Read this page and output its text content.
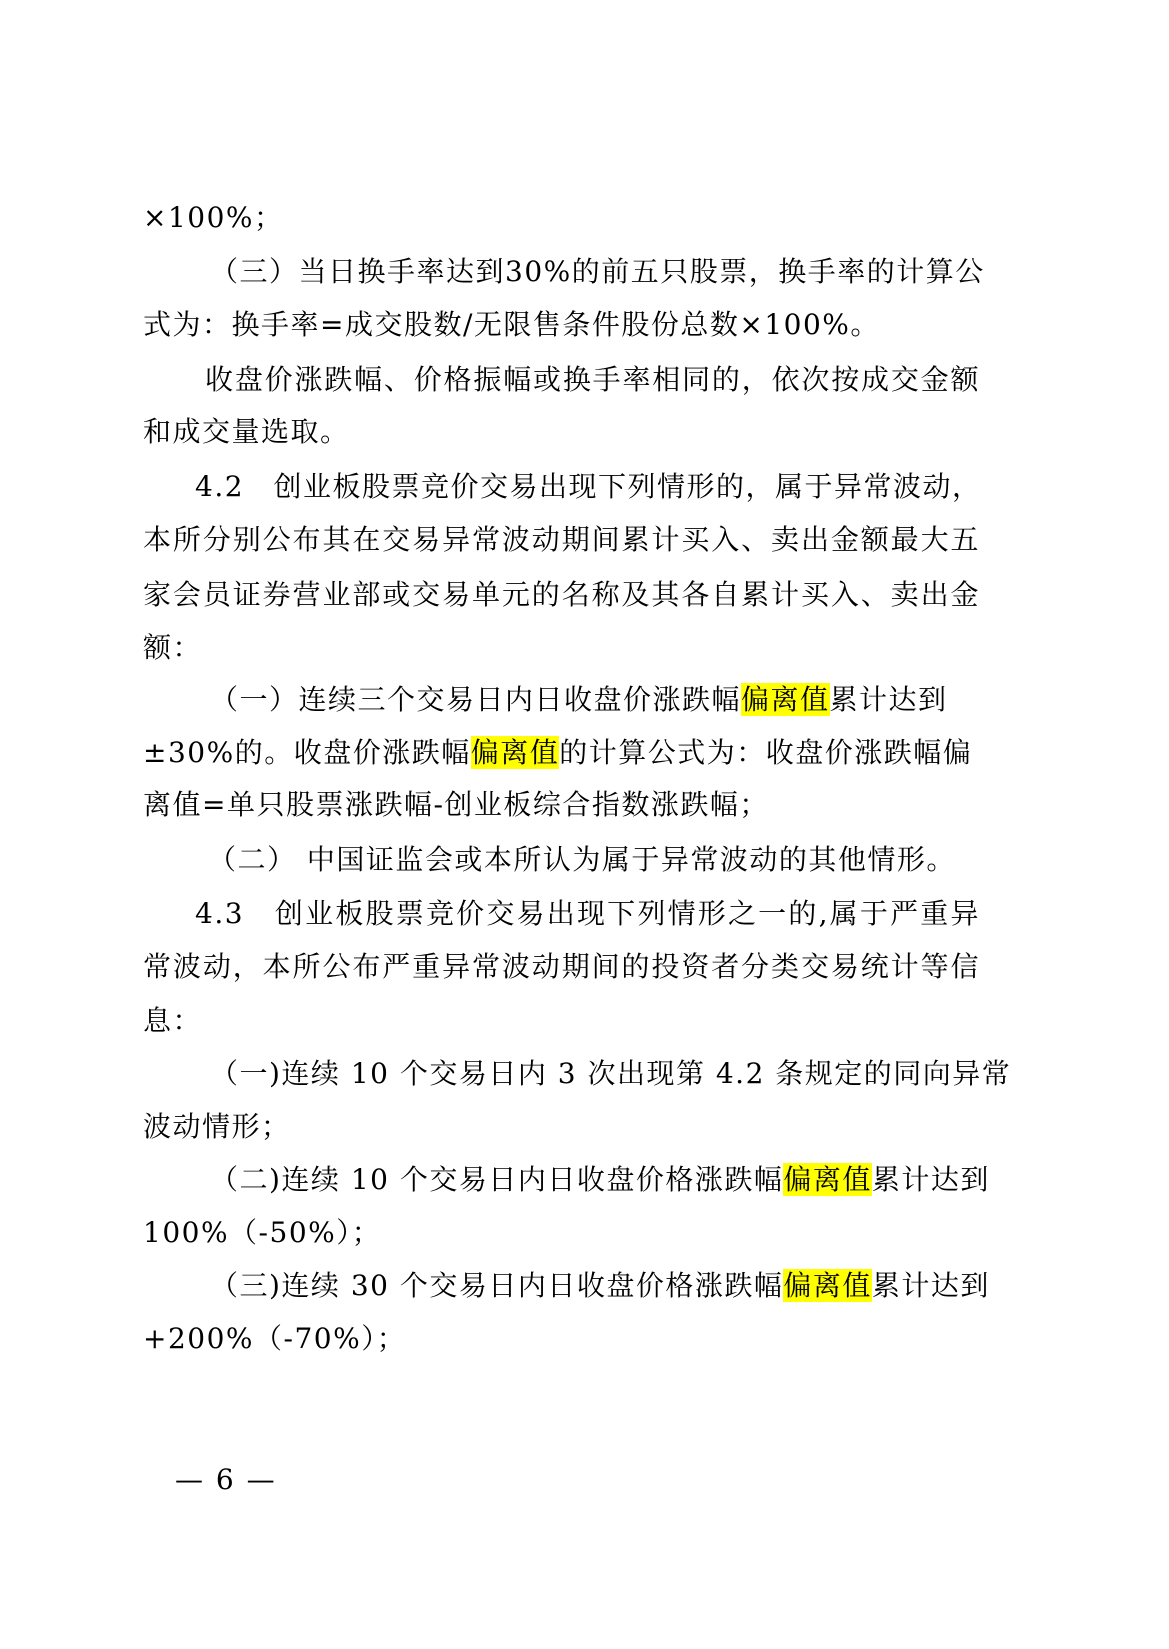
×100%；
（三）当日换手率达到30%的前五只股票，换手率的计算公
式为：换手率=成交股数/无限售条件股份总数×100%。
收盘价涨跌幅、价格振幅或换手率相同的，依次按成交金额
和成交量选取。
4.2　创业板股票竞价交易出现下列情形的，属于异常波动，
本所分别公布其在交易异常波动期间累计买入、卖出金额最大五
家会员证券营业部或交易单元的名称及其各自累计买入、卖出金
额：
（一）连续三个交易日内日收盘价涨跌幅偏离值累计达到
±30%的。收盘价涨跌幅偏离值的计算公式为：收盘价涨跌幅偏
离值=单只股票涨跌幅-创业板综合指数涨跌幅；
（二） 中国证监会或本所认为属于异常波动的其他情形。
4.3　创业板股票竞价交易出现下列情形之一的,属于严重异
常波动，本所公布严重异常波动期间的投资者分类交易统计等信
息：
（一)连续 10 个交易日内 3 次出现第 4.2 条规定的同向异常
波动情形；
（二)连续 10 个交易日内日收盘价格涨跌幅偏离值累计达到
100%（-50%）；
（三)连续 30 个交易日内日收盘价格涨跌幅偏离值累计达到
+200%（-70%）；
— 6 —
